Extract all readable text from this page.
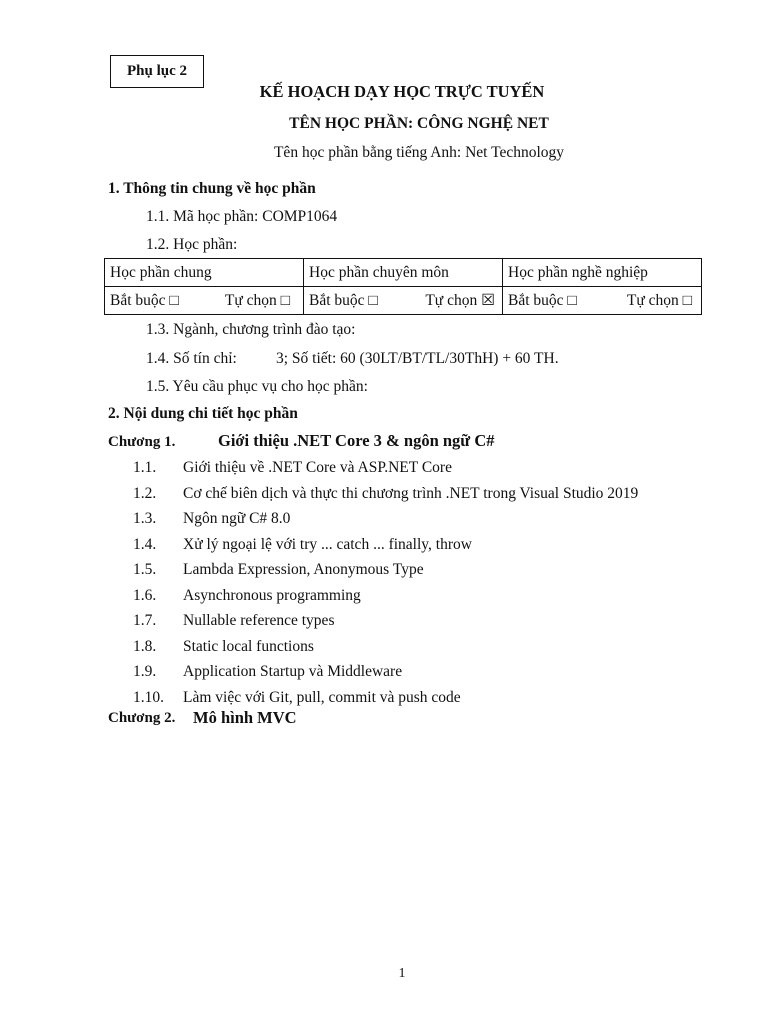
Phụ lục 2
KẾ HOẠCH DẠY HỌC TRỰC TUYẾN
TÊN HỌC PHẦN: CÔNG NGHỆ NET
Tên học phần bằng tiếng Anh: Net Technology
1. Thông tin chung về học phần
1.1. Mã học phần: COMP1064
1.2. Học phần:
Học phần chung	Học phần chuyên môn	Học phần nghề nghiệp

Bắt buộc □ Tự chọn □	Bắt buộc □ Tự chọn ☒	Bắt buộc □ Tự chọn □
1.3. Ngành, chương trình đào tạo:
1.4. Số tín chỉ:	3; Số tiết: 60 (30LT/BT/TL/30ThH) + 60 TH.
1.5. Yêu cầu phục vụ cho học phần:
2. Nội dung chi tiết học phần
Chương 1.	Giới thiệu .NET Core 3 & ngôn ngữ C#
1.1. Giới thiệu về .NET Core và ASP.NET Core
1.2. Cơ chế biên dịch và thực thi chương trình .NET trong Visual Studio 2019
1.3. Ngôn ngữ C# 8.0
1.4. Xử lý ngoại lệ với try ... catch ... finally, throw
1.5. Lambda Expression, Anonymous Type
1.6. Asynchronous programming
1.7. Nullable reference types
1.8. Static local functions
1.9. Application Startup và Middleware
1.10. Làm việc với Git, pull, commit và push code
Chương 2. Mô hình MVC
1
